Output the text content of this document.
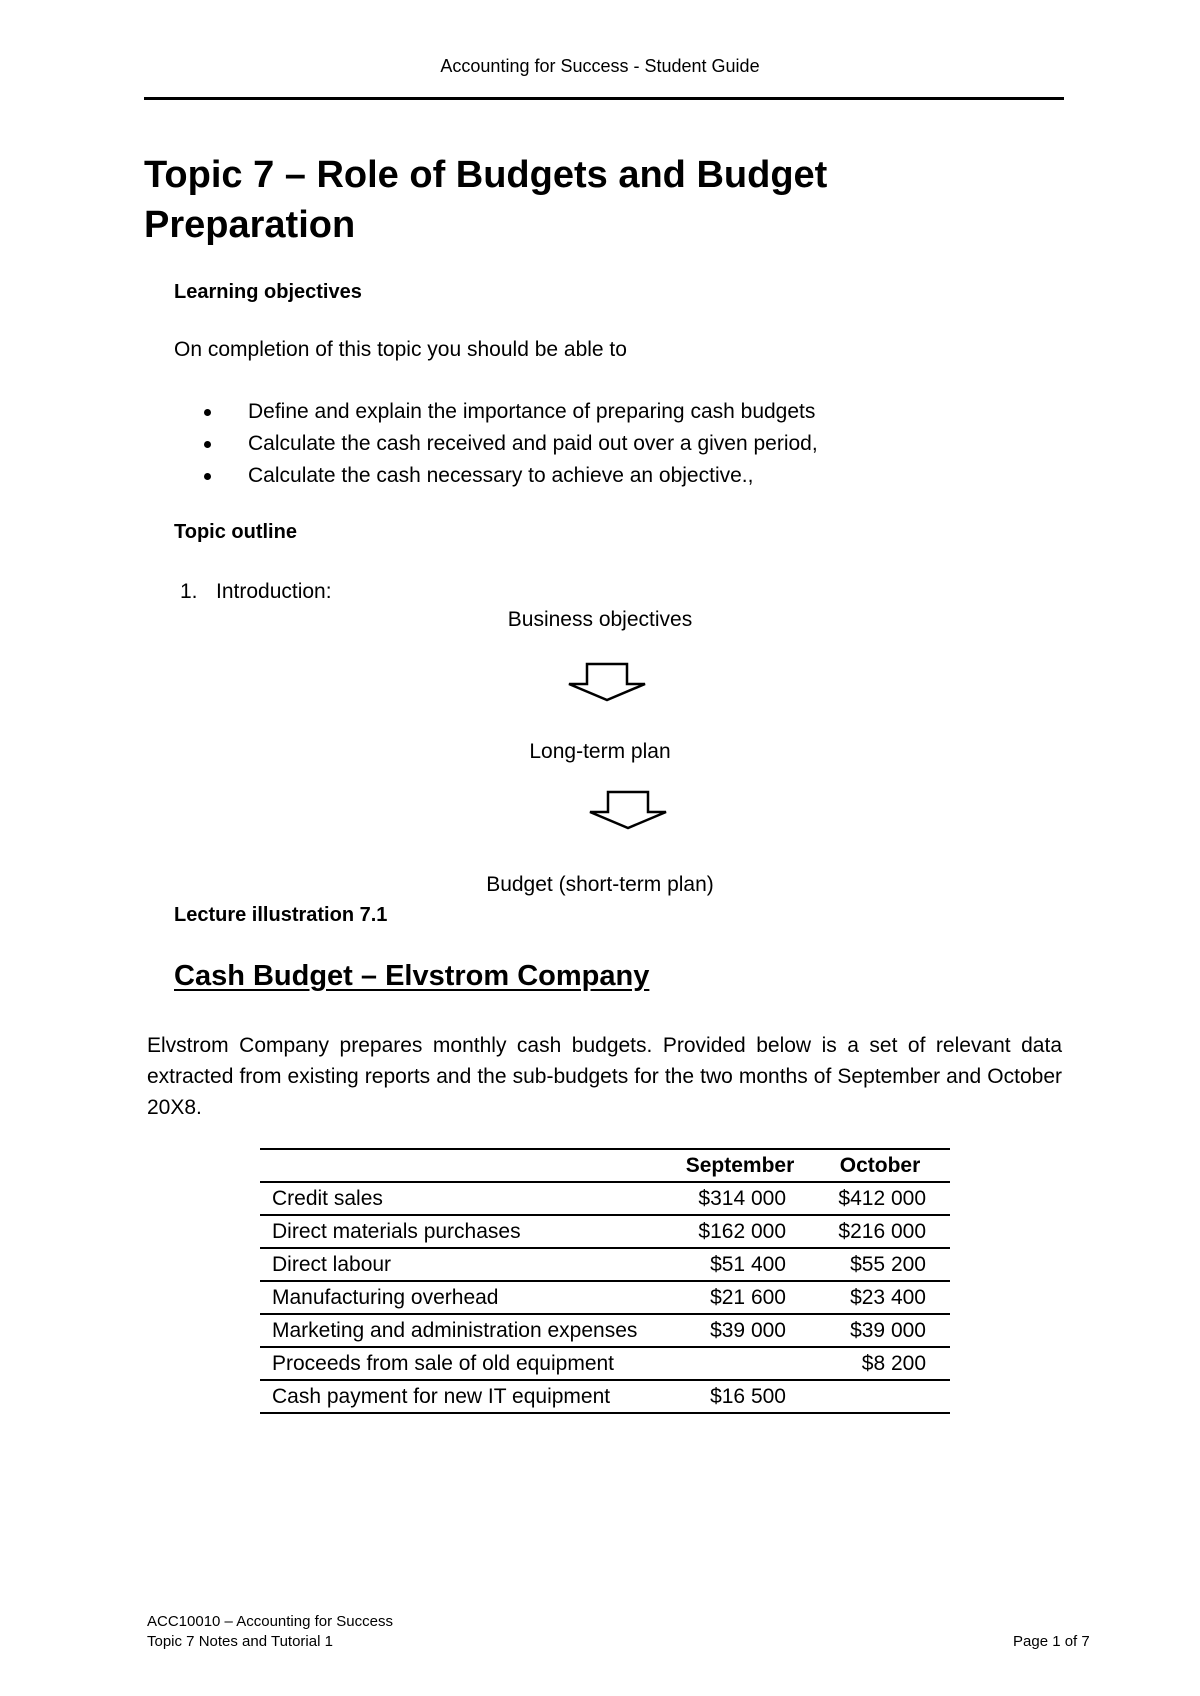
Accounting for Success - Student Guide
Topic 7 – Role of Budgets and Budget Preparation
Learning objectives
On completion of this topic you should be able to
Define and explain the importance of preparing cash budgets
Calculate the cash received and paid out over a given period,
Calculate the cash necessary to achieve an objective.,
Topic outline
1. Introduction:
Business objectives
Long-term plan
Budget (short-term plan)
Lecture illustration 7.1
Cash Budget – Elvstrom Company
Elvstrom Company prepares monthly cash budgets. Provided below is a set of relevant data extracted from existing reports and the sub-budgets for the two months of September and October 20X8.
	September	October
Credit sales	$314 000	$412 000
Direct materials purchases	$162 000	$216 000
Direct labour	$51 400	$55 200
Manufacturing overhead	$21 600	$23 400
Marketing and administration expenses	$39 000	$39 000
Proceeds from sale of old equipment		$8 200
Cash payment for new IT equipment	$16 500	
ACC10010 – Accounting for Success
Topic 7 Notes and Tutorial 1	Page 1 of 7
